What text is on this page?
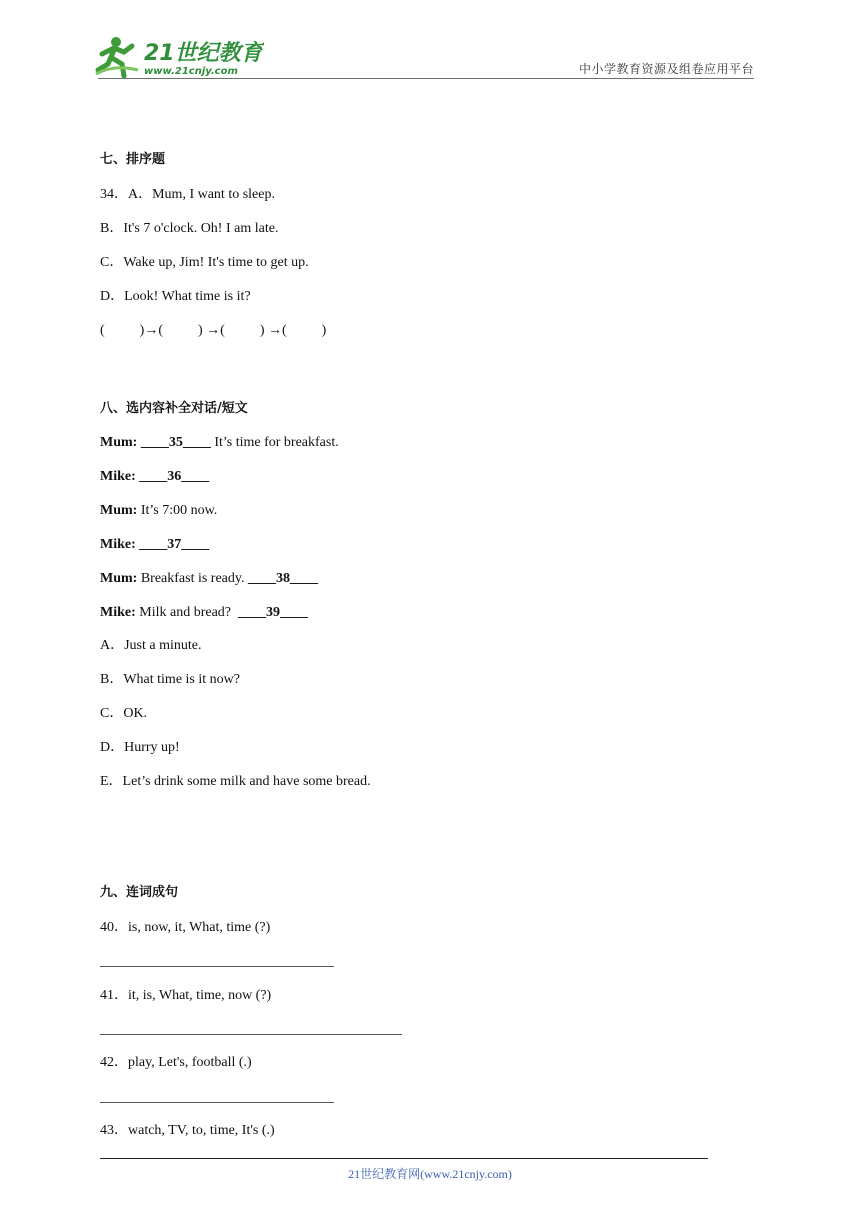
21世纪教育
www.21cnjy.com	中小学教育资源及组卷应用平台
七、排序题
34．A．Mum, I want to sleep.
B．It's 7 o'clock. Oh! I am late.
C．Wake up, Jim! It's time to get up.
D．Look! What time is it?
(          )→(          ) →(          ) →(          )
八、选内容补全对话/短文
Mum: ____35____ It’s time for breakfast.
Mike: ____36____
Mum: It’s 7:00 now.
Mike: ____37____
Mum: Breakfast is ready. ____38____
Mike: Milk and bread?  ____39____
A．Just a minute.
B．What time is it now?
C．OK.
D．Hurry up!
E．Let’s drink some milk and have some bread.
九、连词成句
40．is, now, it, What, time (?)
41．it, is, What, time, now (?)
42．play, Let's, football (.)
43．watch, TV, to, time, It's (.)
21世纪教育网(www.21cnjy.com)
